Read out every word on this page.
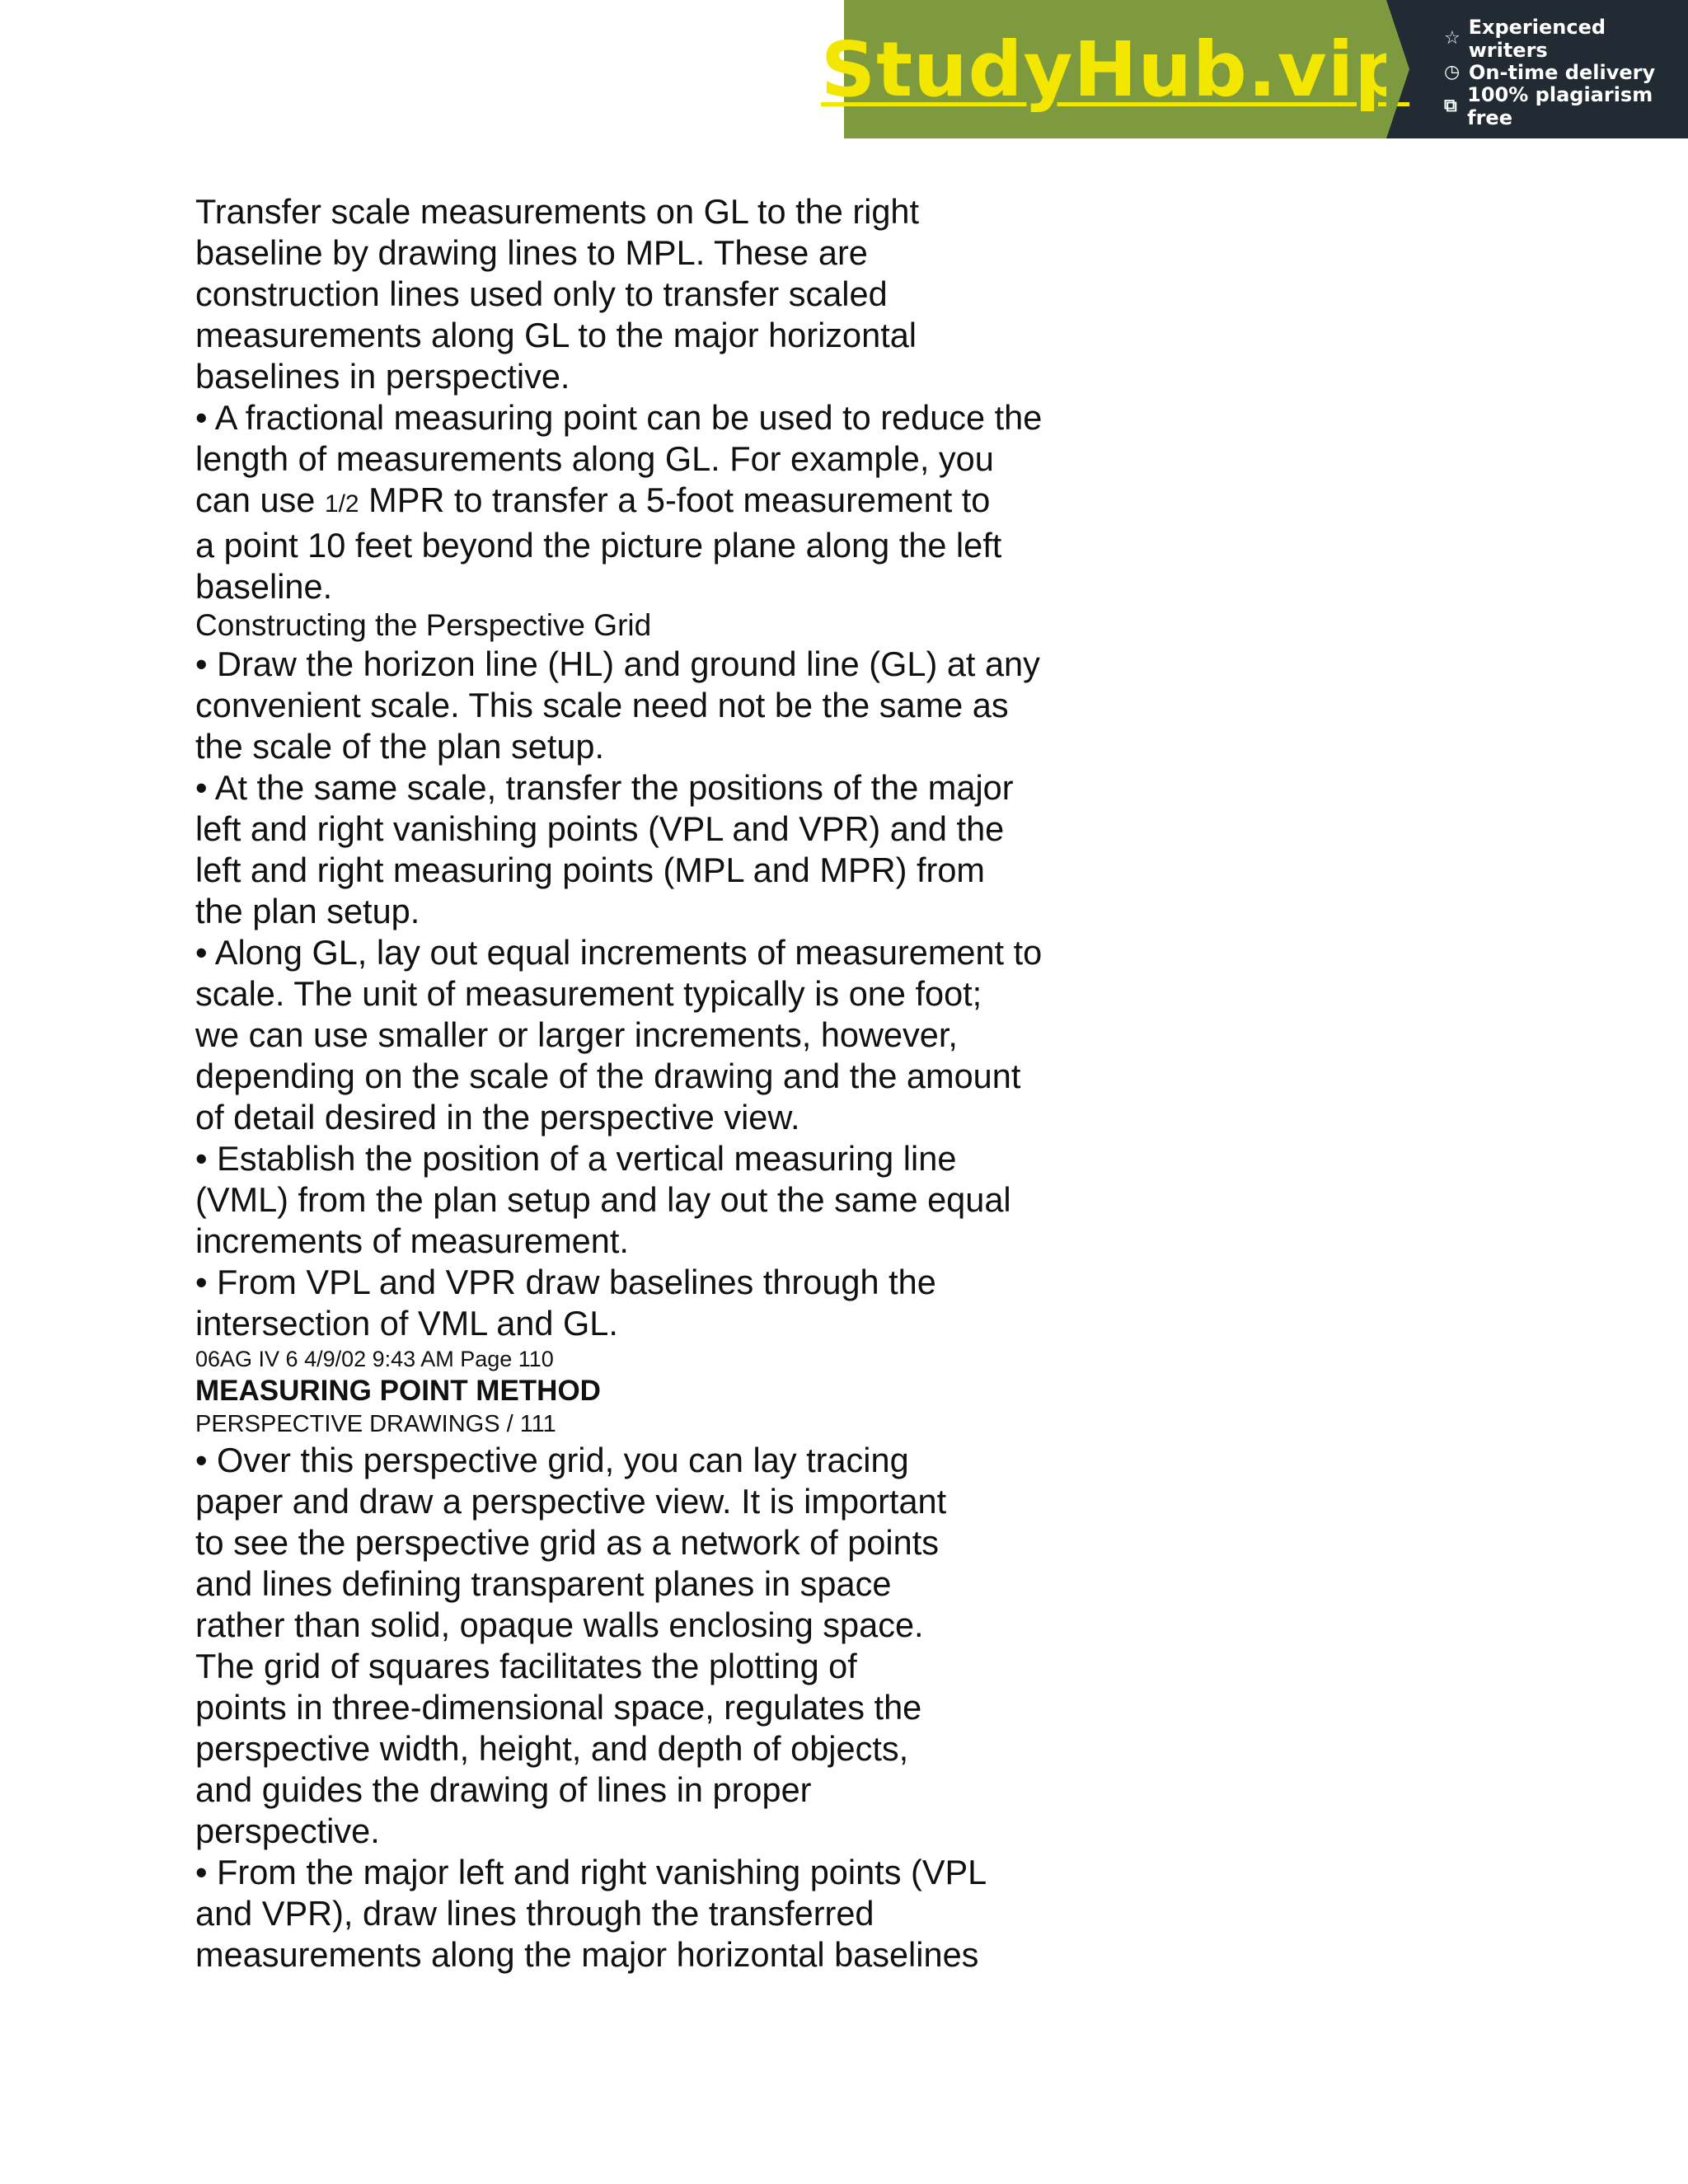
StudyHub.vip ☆ Experienced writers
◷ On-time delivery
⧉ 100% plagiarism free

Transfer scale measurements on GL to the right
baseline by drawing lines to MPL. These are
construction lines used only to transfer scaled
measurements along GL to the major horizontal
baselines in perspective.
• A fractional measuring point can be used to reduce the
length of measurements along GL. For example, you

can use 1/2 MPR to transfer a 5-foot measurement to

a point 10 feet beyond the picture plane along the left
baseline.

Constructing the Perspective Grid

• Draw the horizon line (HL) and ground line (GL) at any
convenient scale. This scale need not be the same as
the scale of the plan setup.
• At the same scale, transfer the positions of the major
left and right vanishing points (VPL and VPR) and the
left and right measuring points (MPL and MPR) from
the plan setup.
• Along GL, lay out equal increments of measurement to
scale. The unit of measurement typically is one foot;
we can use smaller or larger increments, however,
depending on the scale of the drawing and the amount
of detail desired in the perspective view.
• Establish the position of a vertical measuring line
(VML) from the plan setup and lay out the same equal
increments of measurement.
• From VPL and VPR draw baselines through the
intersection of VML and GL.

06AG IV 6 4/9/02 9:43 AM Page 110

MEASURING POINT METHOD

PERSPECTIVE DRAWINGS / 111

• Over this perspective grid, you can lay tracing
paper and draw a perspective view. It is important
to see the perspective grid as a network of points
and lines defining transparent planes in space
rather than solid, opaque walls enclosing space.
The grid of squares facilitates the plotting of
points in three-dimensional space, regulates the
perspective width, height, and depth of objects,
and guides the drawing of lines in proper
perspective.
• From the major left and right vanishing points (VPL
and VPR), draw lines through the transferred
measurements along the major horizontal baselines
